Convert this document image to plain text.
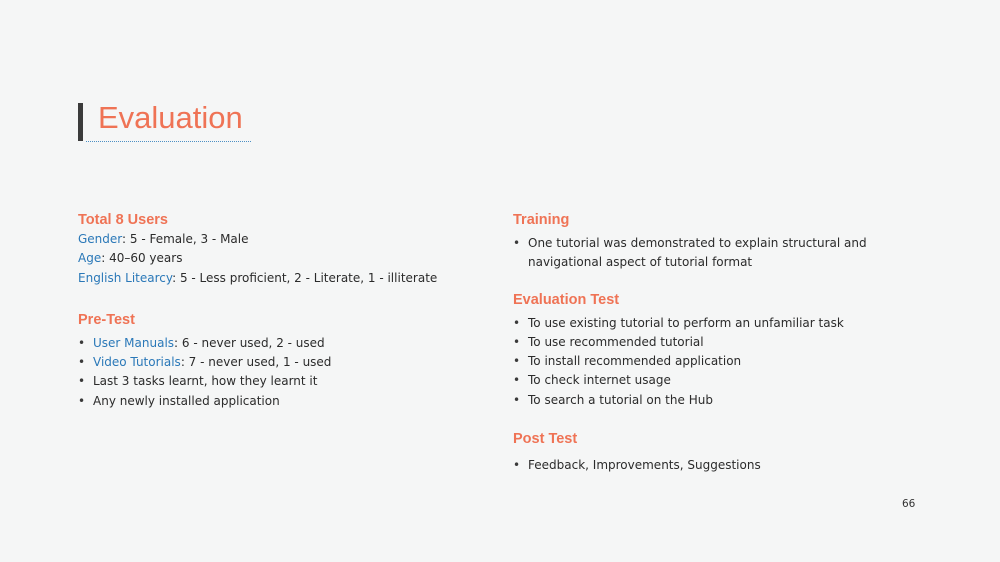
Evaluation

Total 8 Users

Gender: 5 - Female, 3 - Male

Age: 40–60 years

English Litearcy: 5 - Less proficient, 2 - Literate, 1 - illiterate

Pre-Test

• User Manuals: 6 - never used, 2 - used
• Video Tutorials: 7 - never used, 1 - used
• Last 3 tasks learnt, how they learnt it
• Any newly installed application

Training

• One tutorial was demonstrated to explain structural and navigational aspect of tutorial format

Evaluation Test

• To use existing tutorial to perform an unfamiliar task
• To use recommended tutorial
• To install recommended application
• To check internet usage
• To search a tutorial on the Hub

Post Test

• Feedback, Improvements, Suggestions
66
